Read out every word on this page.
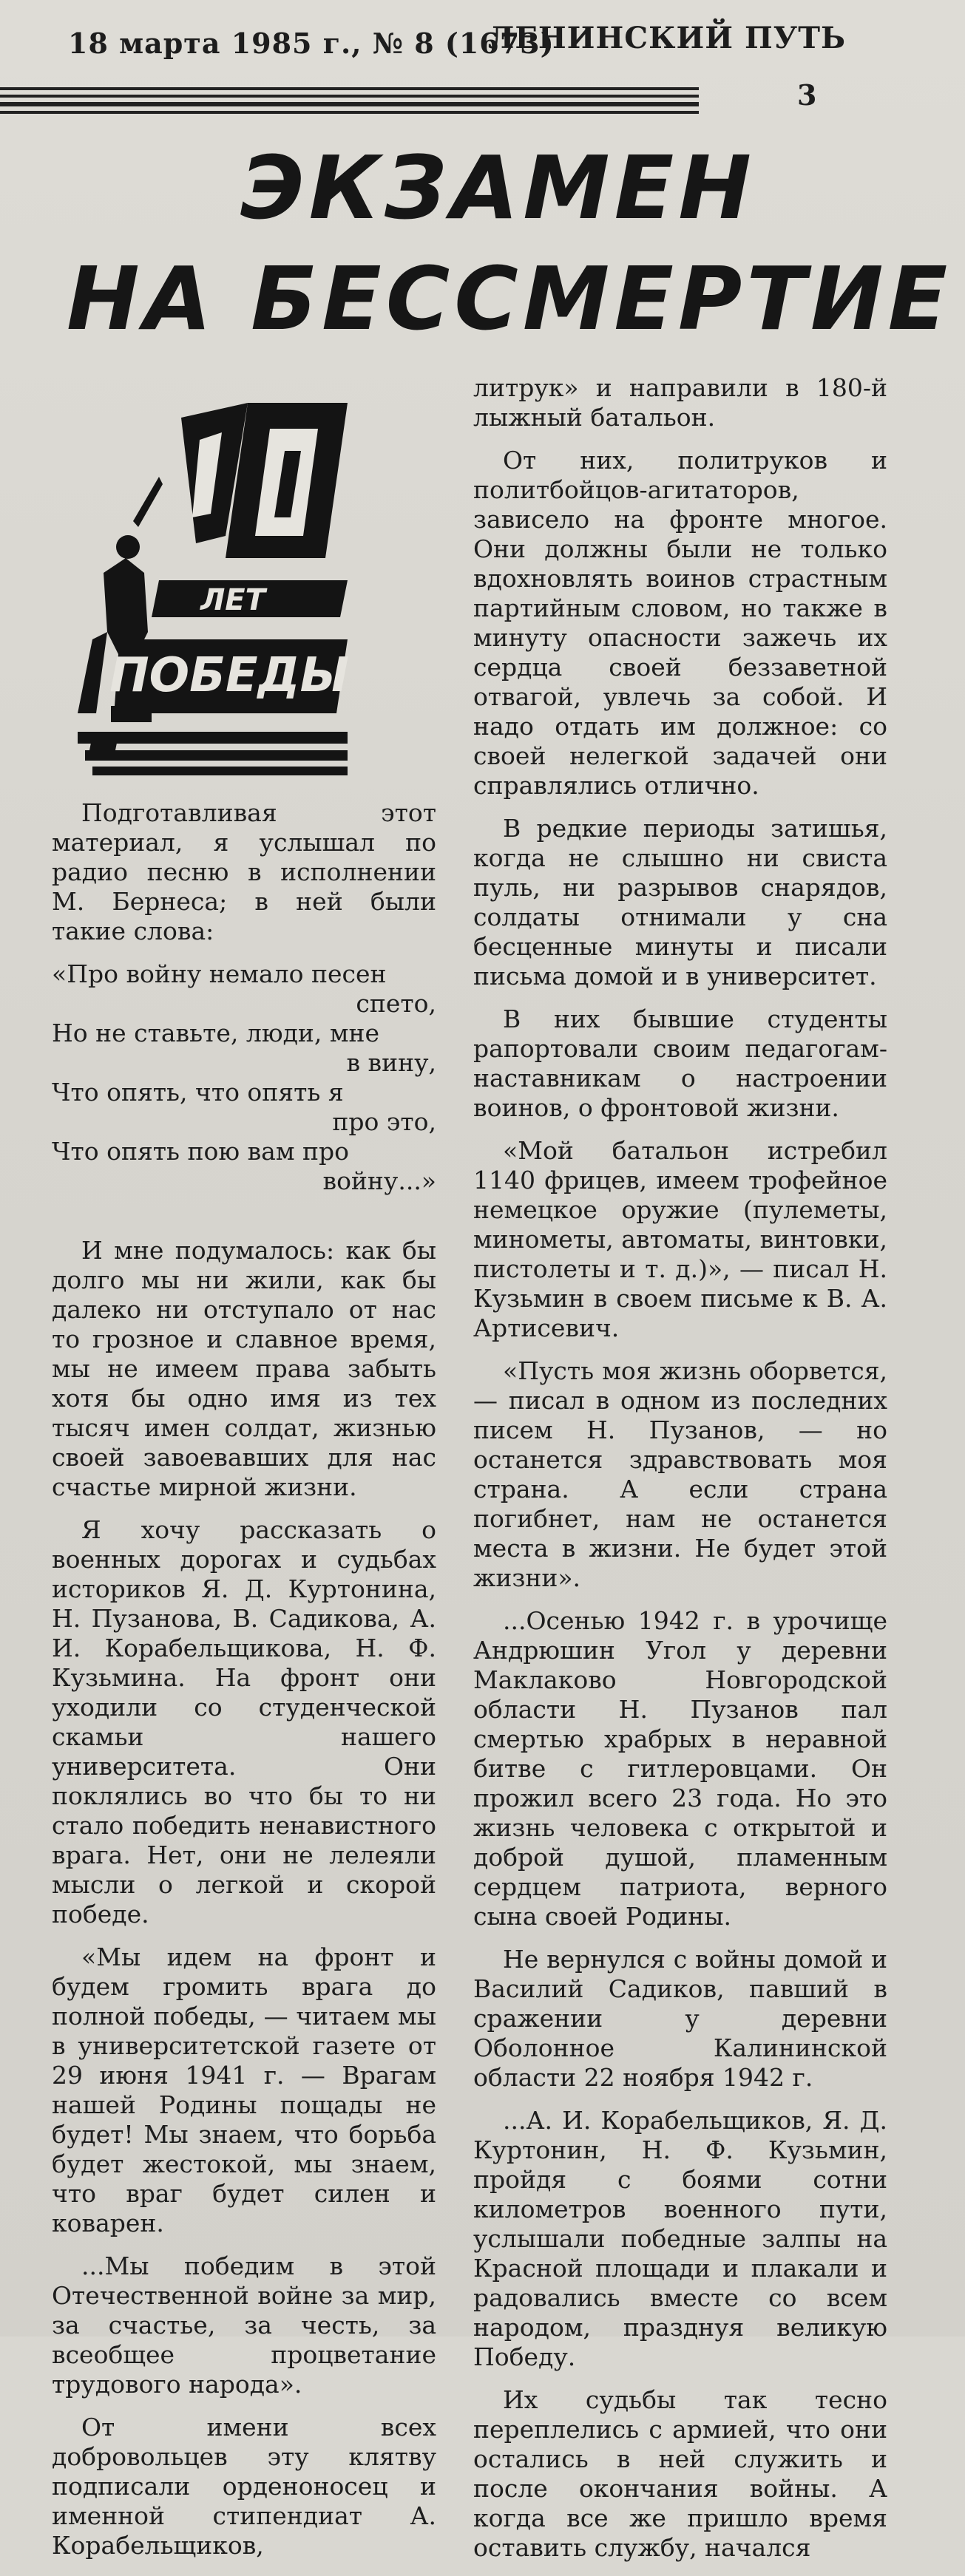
18 марта 1985 г., № 8 (1673)
ЛЕНИНСКИЙ ПУТЬ
3
ЭКЗАМЕН
НА БЕССМЕРТИЕ
ЛЕТ
ПОБЕДЫ

Подготавливая этот материал, я услышал по радио песню в исполнении М. Бернеса; в ней были такие слова:

«Про войну немало песен
спето,
Но не ставьте, люди, мне
в вину,
Что опять, что опять я
про это,
Что опять пою вам про
войну...»

И мне подумалось: как бы долго мы ни жили, как бы далеко ни отступало от нас то грозное и славное время, мы не имеем права забыть хотя бы одно имя из тех тысяч имен солдат, жизнью своей завоевавших для нас счастье мирной жизни.

Я хочу рассказать о военных дорогах и судьбах историков Я. Д. Куртонина, Н. Пузанова, В. Садикова, А. И. Корабельщикова, Н. Ф. Кузьмина. На фронт они уходили со студенческой скамьи нашего университета. Они поклялись во что бы то ни стало победить ненавистного врага. Нет, они не лелеяли мысли о легкой и скорой победе.

«Мы идем на фронт и будем громить врага до полной победы, — читаем мы в университетской газете от 29 июня 1941 г. — Врагам нашей Родины пощады не будет! Мы знаем, что борьба будет жестокой, мы знаем, что враг будет силен и коварен.

...Мы победим в этой Отечественной войне за мир, за счастье, за честь, за всеобщее процветание трудового народа».

От имени всех добровольцев эту клятву подписали орденоносец и именной стипендиат А. Корабельщиков,

литрук» и направили в 180-й лыжный батальон.

От них, политруков и политбойцов-агитаторов, зависело на фронте многое. Они должны были не только вдохновлять воинов страстным партийным словом, но также в минуту опасности зажечь их сердца своей беззаветной отвагой, увлечь за собой. И надо отдать им должное: со своей нелегкой задачей они справлялись отлично.

В редкие периоды затишья, когда не слышно ни свиста пуль, ни разрывов снарядов, солдаты отнимали у сна бесценные минуты и писали письма домой и в университет.

В них бывшие студенты рапортовали своим педагогам-наставникам о настроении воинов, о фронтовой жизни.

«Мой батальон истребил 1140 фрицев, имеем трофейное немецкое оружие (пулеметы, минометы, автоматы, винтовки, пистолеты и т. д.)», — писал Н. Кузьмин в своем письме к В. А. Артисевич.

«Пусть моя жизнь оборвется, — писал в одном из последних писем Н. Пузанов, — но останется здравствовать моя страна. А если страна погибнет, нам не останется места в жизни. Не будет этой жизни».

...Осенью 1942 г. в урочище Андрюшин Угол у деревни Маклаково Новгородской области Н. Пузанов пал смертью храбрых в неравной битве с гитлеровцами. Он прожил всего 23 года. Но это жизнь человека с открытой и доброй душой, пламенным сердцем патриота, верного сына своей Родины.

Не вернулся с войны домой и Василий Садиков, павший в сражении у деревни Оболонное Калининской области 22 ноября 1942 г.

...А. И. Корабельщиков, Я. Д. Куртонин, Н. Ф. Кузьмин, пройдя с боями сотни километров военного пути, услышали победные залпы на Красной площади и плакали и радовались вместе со всем народом, празднуя великую Победу.

Их судьбы так тесно переплелись с армией, что они остались в ней служить и после окончания войны. А когда все же пришло время оставить службу, начался
